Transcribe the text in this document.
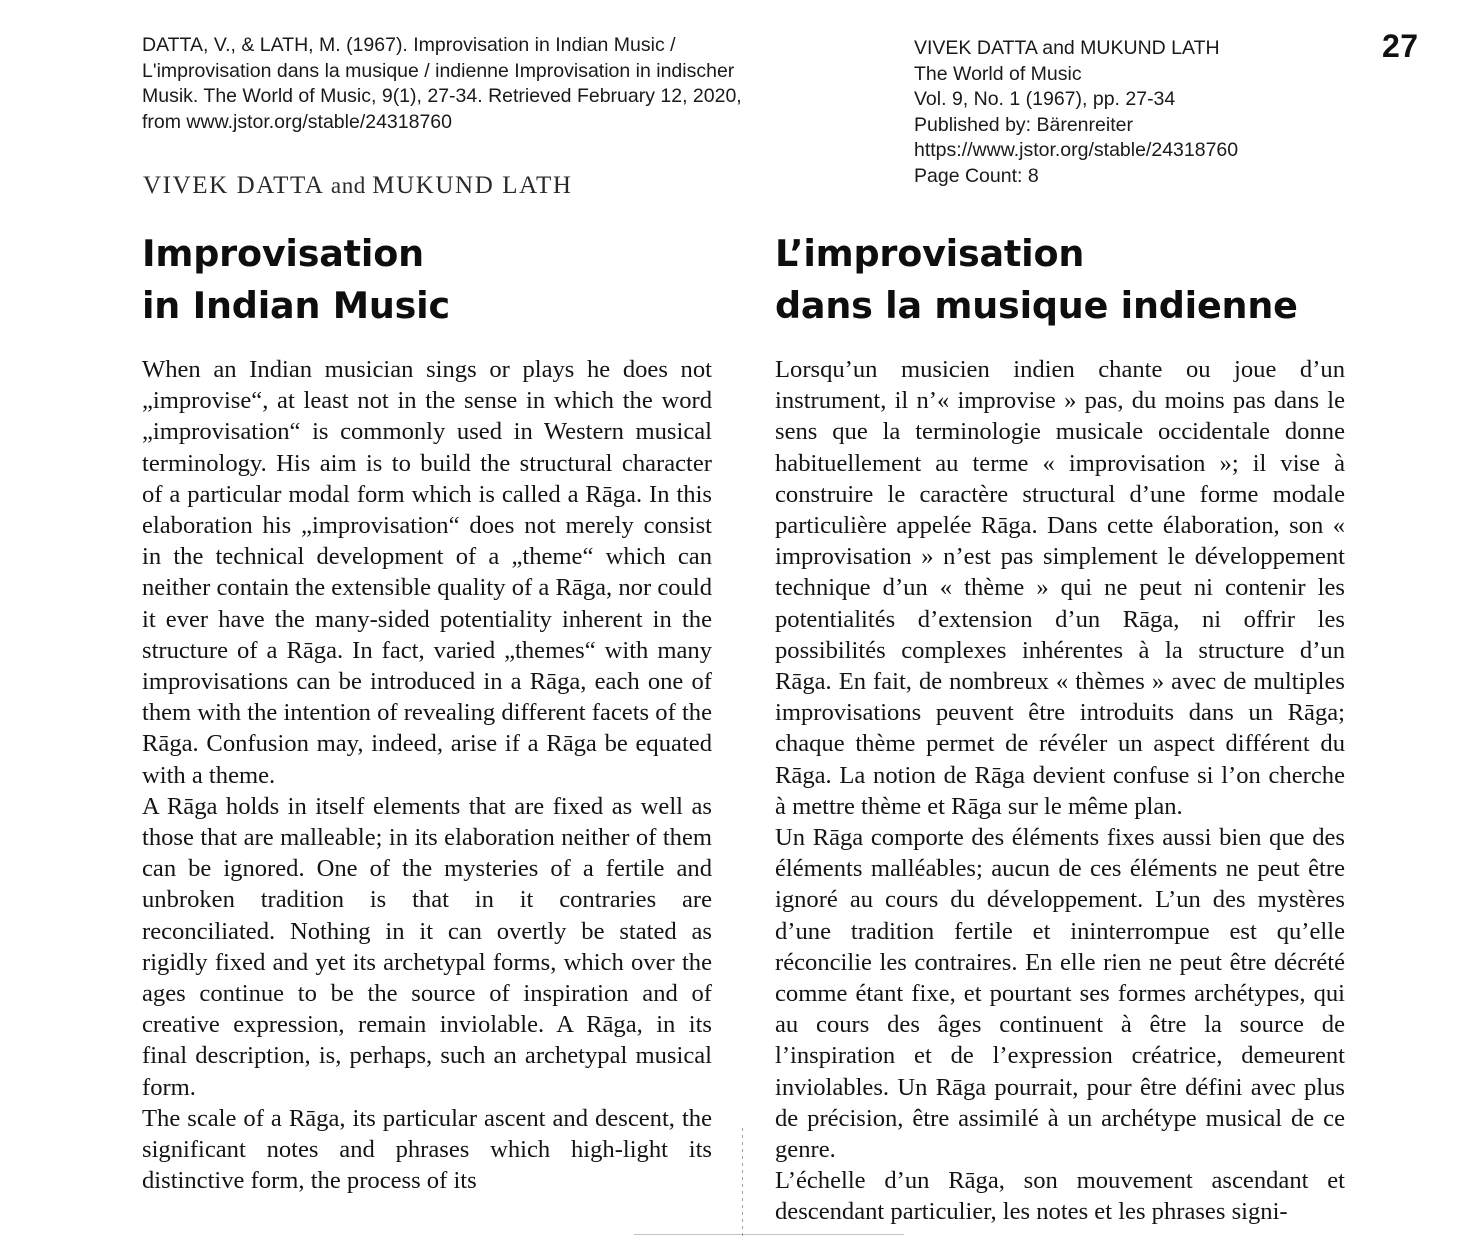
DATTA, V., & LATH, M. (1967). Improvisation in Indian Music /
L'improvisation dans la musique / indienne Improvisation in indischer
Musik. The World of Music, 9(1), 27-34. Retrieved February 12, 2020,
from www.jstor.org/stable/24318760
VIVEK DATTA and MUKUND LATH
The World of Music
Vol. 9, No. 1 (1967), pp. 27-34
Published by: Bärenreiter
https://www.jstor.org/stable/24318760
Page Count: 8
27
VIVEK DATTA and MUKUND LATH
Improvisation
in Indian Music

When an Indian musician sings or plays he does not „improvise“, at least not in the sense in which the word „improvisation“ is commonly used in Western musical terminology. His aim is to build the structural character of a particular modal form which is called a Rāga. In this elaboration his „improvisation“ does not merely consist in the technical development of a „theme“ which can neither contain the extensible quality of a Rāga, nor could it ever have the many-sided potentiality inherent in the structure of a Rāga. In fact, varied „themes“ with many improvisations can be introduced in a Rāga, each one of them with the intention of revealing different facets of the Rāga. Confusion may, indeed, arise if a Rāga be equated with a theme.

A Rāga holds in itself elements that are fixed as well as those that are malleable; in its elaboration neither of them can be ignored. One of the mysteries of a fertile and unbroken tradition is that in it contraries are reconciliated. Nothing in it can overtly be stated as rigidly fixed and yet its archetypal forms, which over the ages continue to be the source of inspiration and of creative expression, remain inviolable. A Rāga, in its final description, is, perhaps, such an archetypal musical form.

The scale of a Rāga, its particular ascent and descent, the significant notes and phrases which high-light its distinctive form, the process of its

L’improvisation
dans la musique indienne

Lorsqu’un musicien indien chante ou joue d’un instrument, il n’« improvise » pas, du moins pas dans le sens que la terminologie musicale occidentale donne habituellement au terme « improvisation »; il vise à construire le caractère structural d’une forme modale particulière appelée Rāga. Dans cette élaboration, son « improvisation » n’est pas simplement le développement technique d’un « thème » qui ne peut ni contenir les potentialités d’extension d’un Rāga, ni offrir les possibilités complexes inhérentes à la structure d’un Rāga. En fait, de nombreux « thèmes » avec de multiples improvisations peuvent être introduits dans un Rāga; chaque thème permet de révéler un aspect différent du Rāga. La notion de Rāga devient confuse si l’on cherche à mettre thème et Rāga sur le même plan.

Un Rāga comporte des éléments fixes aussi bien que des éléments malléables; aucun de ces éléments ne peut être ignoré au cours du développement. L’un des mystères d’une tradition fertile et ininterrompue est qu’elle réconcilie les contraires. En elle rien ne peut être décrété comme étant fixe, et pourtant ses formes archétypes, qui au cours des âges continuent à être la source de l’inspiration et de l’expression créatrice, demeurent inviolables. Un Rāga pourrait, pour être défini avec plus de précision, être assimilé à un archétype musical de ce genre.

L’échelle d’un Rāga, son mouvement ascendant et descendant particulier, les notes et les phrases signi-
